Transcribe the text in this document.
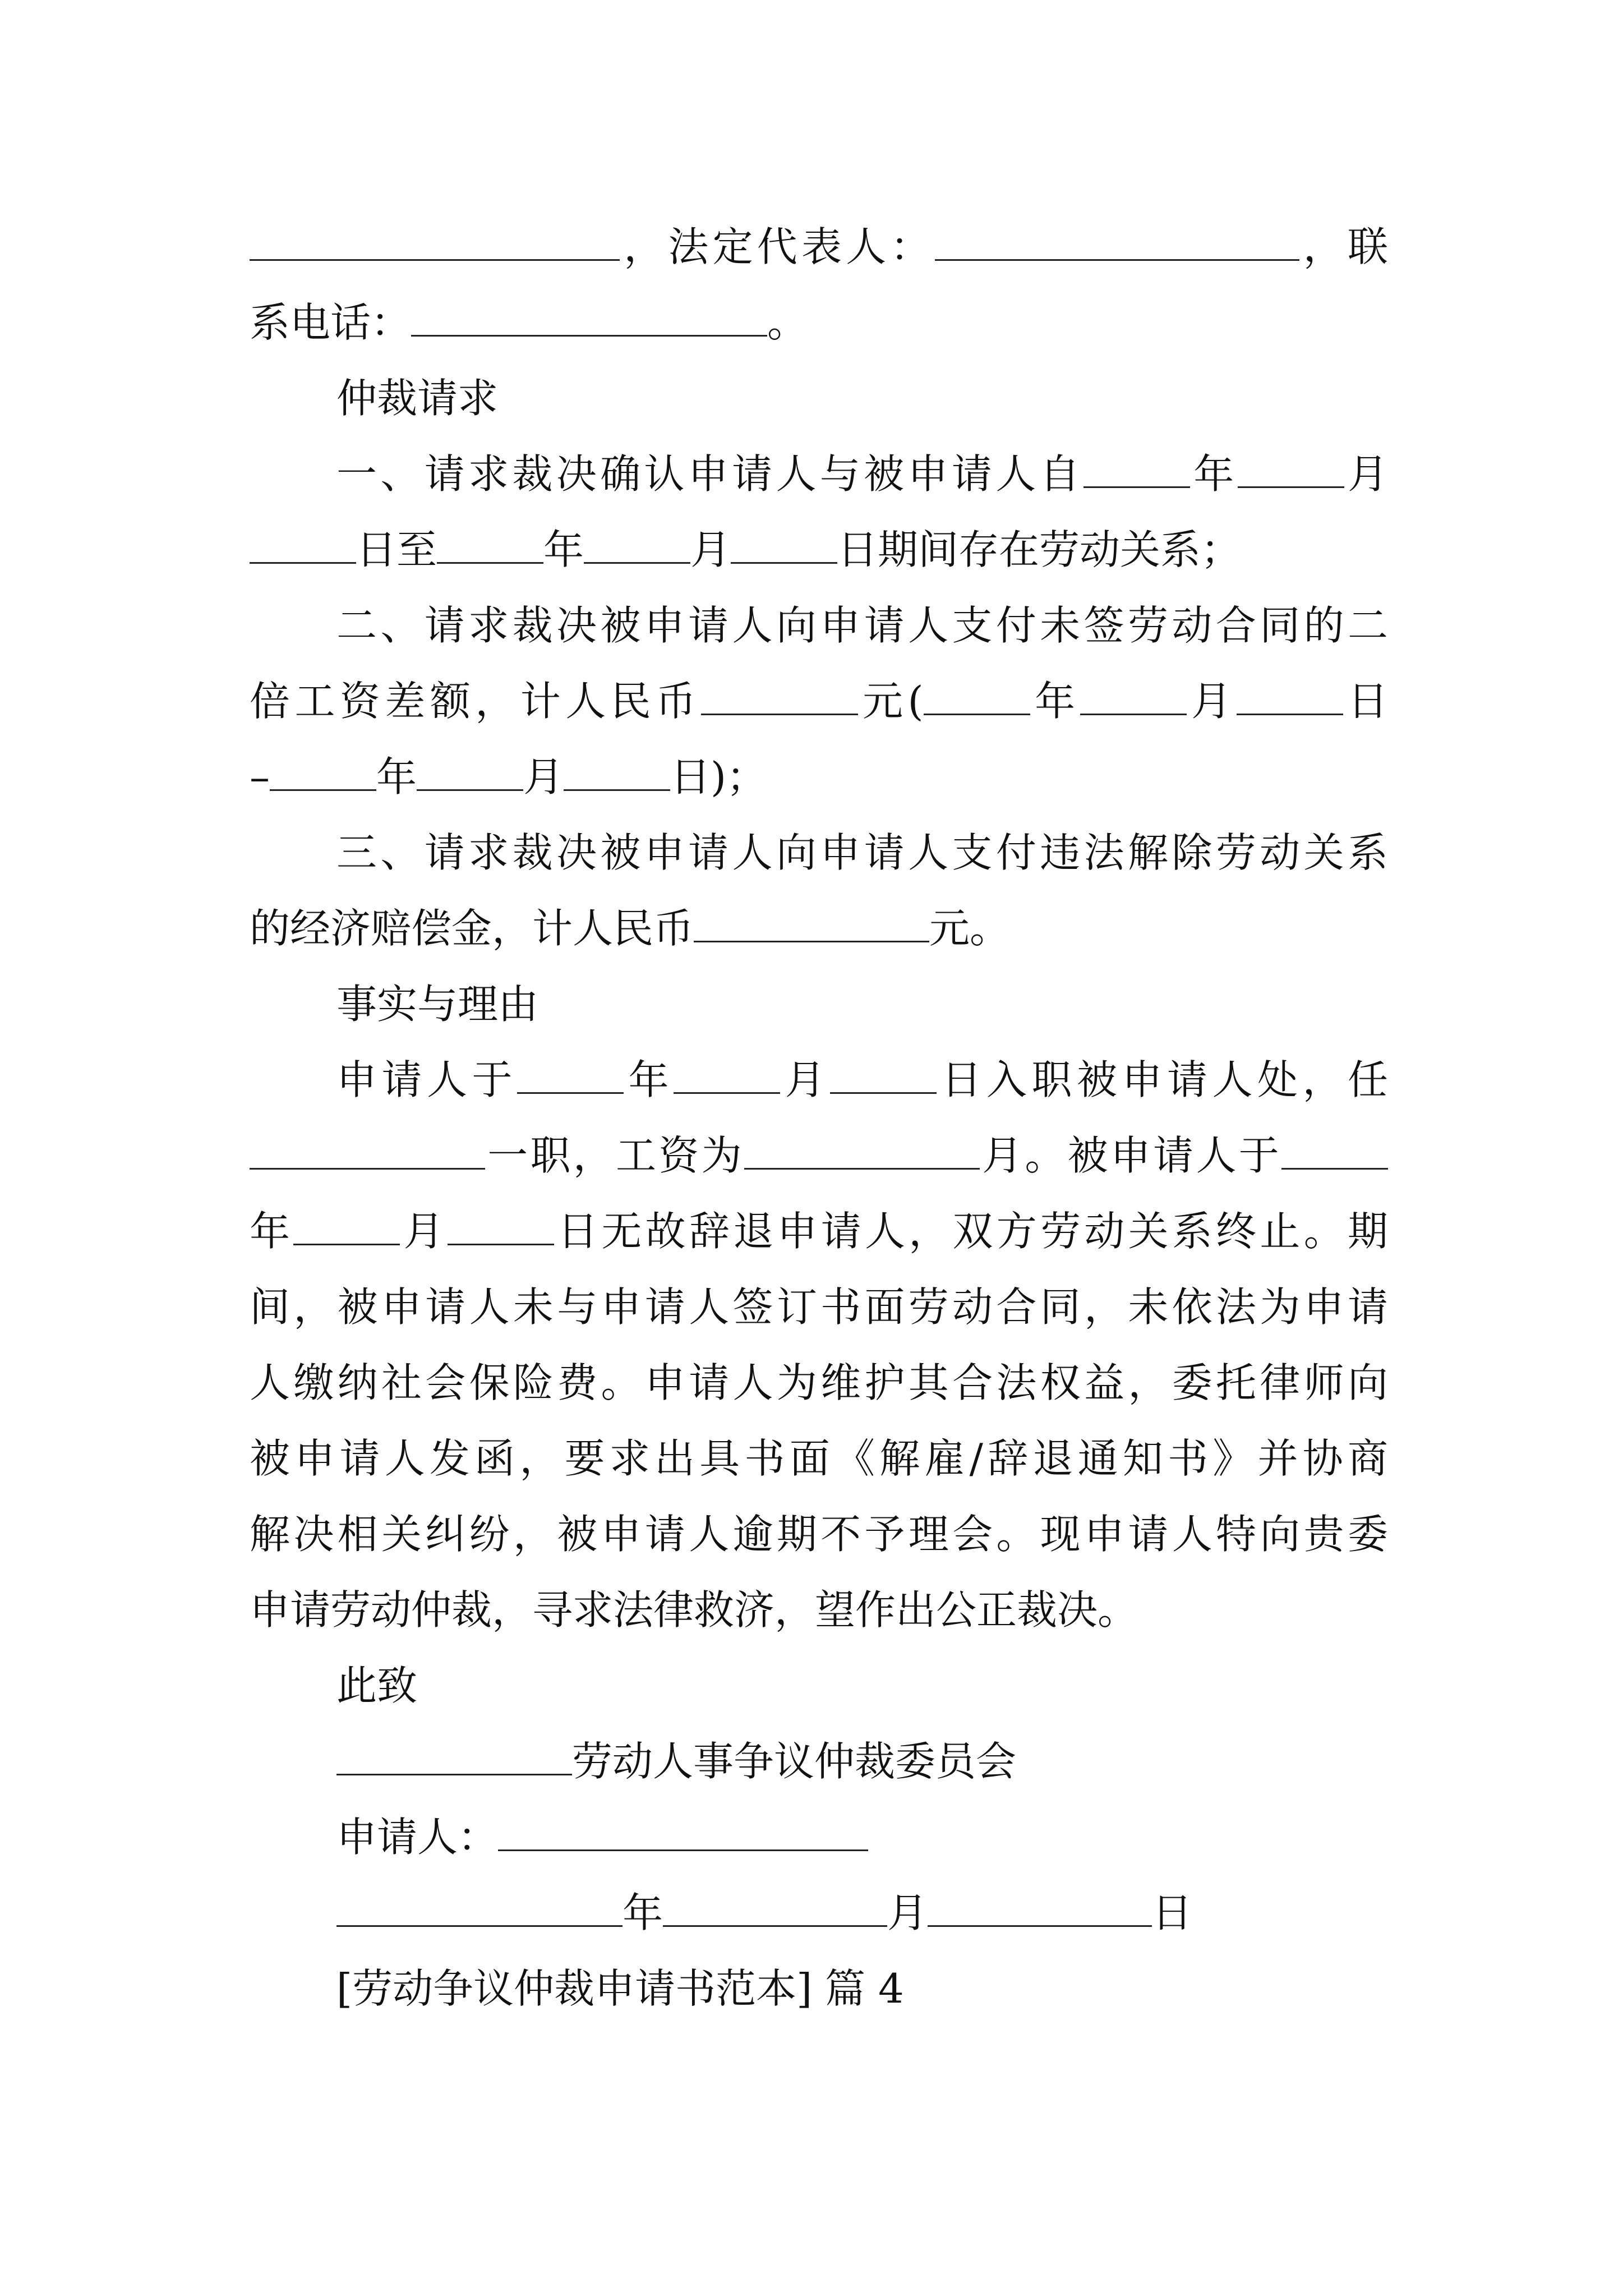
，法定代表人：	，联
系电话：	。
仲裁请求
一、请求裁决确认申请人与被申请人自	年	月
日至	年	月	日期间存在劳动关系；
二、请求裁决被申请人向申请人支付未签劳动合同的二
倍工资差额，计人民币	元(	年	月	日
–	年	月	日)；
三、请求裁决被申请人向申请人支付违法解除劳动关系
的经济赔偿金，计人民币	元。
事实与理由
申请人于	年	月	日入职被申请人处，任
一职，工资为	月。被申请人于
年	月	日无故辞退申请人，双方劳动关系终止。期
间，被申请人未与申请人签订书面劳动合同，未依法为申请
人缴纳社会保险费。申请人为维护其合法权益，委托律师向
被申请人发函，要求出具书面《解雇/辞退通知书》并协商
解决相关纠纷，被申请人逾期不予理会。现申请人特向贵委
申请劳动仲裁，寻求法律救济，望作出公正裁决。
此致
劳动人事争议仲裁委员会
申请人：
年	月	日
[劳动争议仲裁申请书范本] 篇 4
